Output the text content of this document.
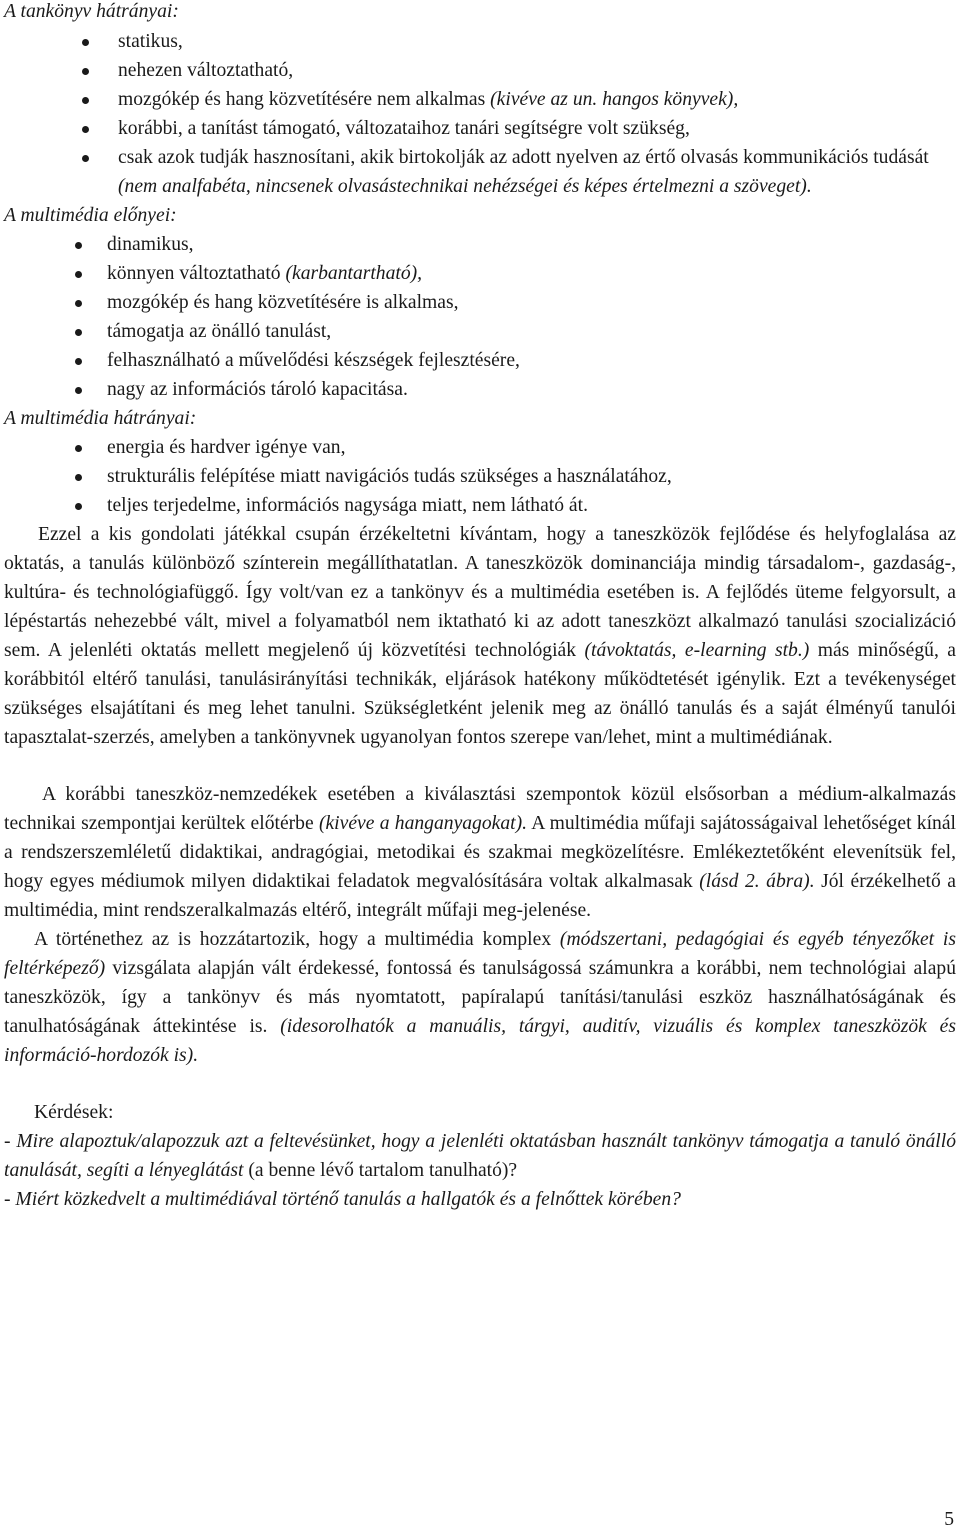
A tankönyv hátrányai:

statikus,
nehezen változtatható,
mozgókép és hang közvetítésére nem alkalmas (kivéve az un. hangos könyvek),
korábbi, a tanítást támogató, változataihoz tanári segítségre volt szükség,
csak azok tudják hasznosítani, akik birtokolják az adott nyelven az értő olvasás kommunikációs tudását (nem analfabéta, nincsenek olvasástechnikai nehézségei és képes értelmezni a szöveget).

A multimédia előnyei:

dinamikus,
könnyen változtatható (karbantartható),
mozgókép és hang közvetítésére is alkalmas,
támogatja az önálló tanulást,
felhasználható a művelődési készségek fejlesztésére,
nagy az információs tároló kapacitása.

A multimédia hátrányai:

energia és hardver igénye van,
strukturális felépítése miatt navigációs tudás szükséges a használatához,
teljes terjedelme, információs nagysága miatt, nem látható át.

Ezzel a kis gondolati játékkal csupán érzékeltetni kívántam, hogy a taneszközök fejlődése és helyfoglalása az oktatás, a tanulás különböző színterein megállíthatatlan. A taneszközök dominanciája mindig társadalom-, gazdaság-, kultúra- és technológiafüggő. Így volt/van ez a tankönyv és a multimédia esetében is. A fejlődés üteme felgyorsult, a lépéstartás nehezebbé vált, mivel a folyamatból nem iktatható ki az adott taneszközt alkalmazó tanulási szocializáció sem. A jelenléti oktatás mellett megjelenő új közvetítési technológiák (távoktatás, e-learning stb.) más minőségű, a korábbitól eltérő tanulási, tanulásirányítási technikák, eljárások hatékony működtetését igénylik. Ezt a tevékenységet szükséges elsajátítani és meg lehet tanulni. Szükségletként jelenik meg az önálló tanulás és a saját élményű tanulói tapasztalat-szerzés, amelyben a tankönyvnek ugyanolyan fontos szerepe van/lehet, mint a multimédiának.

A korábbi taneszköz-nemzedékek esetében a kiválasztási szempontok közül elsősorban a médium-alkalmazás technikai szempontjai kerültek előtérbe (kivéve a hanganyagokat). A multimédia műfaji sajátosságaival lehetőséget kínál a rendszerszemléletű didaktikai, andragógiai, metodikai és szakmai megközelítésre. Emlékeztetőként elevenítsük fel, hogy egyes médiumok milyen didaktikai feladatok megvalósítására voltak alkalmasak (lásd 2. ábra). Jól érzékelhető a multimédia, mint rendszeralkalmazás eltérő, integrált műfaji meg-jelenése.

A történethez az is hozzátartozik, hogy a multimédia komplex (módszertani, pedagógiai és egyéb tényezőket is feltérképező) vizsgálata alapján vált érdekessé, fontossá és tanulságossá számunkra a korábbi, nem technológiai alapú taneszközök, így a tankönyv és más nyomtatott, papíralapú tanítási/tanulási eszköz használhatóságának és tanulhatóságának áttekintése is. (idesorolhatók a manuális, tárgyi, auditív, vizuális és komplex taneszközök és információ-hordozók is).

Kérdések:

- Mire alapoztuk/alapozzuk azt a feltevésünket, hogy a jelenléti oktatásban használt tankönyv támogatja a tanuló önálló tanulását, segíti a lényeglátást (a benne lévő tartalom tanulható)?

- Miért közkedvelt a multimédiával történő tanulás a hallgatók és a felnőttek körében?

5
